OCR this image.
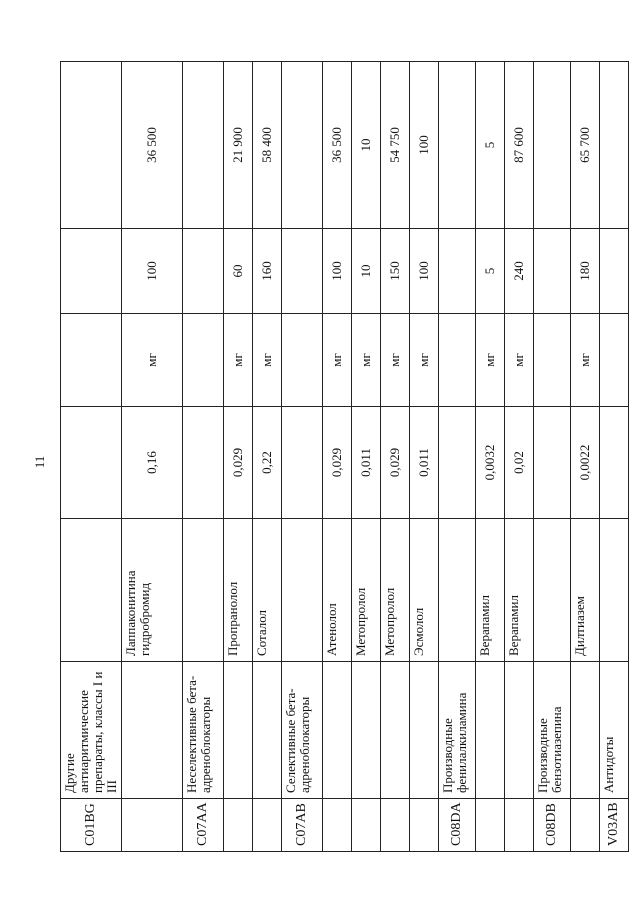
11
C01BG	Другие антиаритмические препараты, классы I и III					
		Лаппаконитина гидробромид	0,16	мг	100	36 500
C07AA	Неселективные бета-адреноблокаторы					
		Пропранолол	0,029	мг	60	21 900
		Соталол	0,22	мг	160	58 400
C07AB	Селективные бета-адреноблокаторы					
		Атенолол	0,029	мг	100	36 500
		Метопролол	0,011	мг	10	10
		Метопролол	0,029	мг	150	54 750
		Эсмолол	0,011	мг	100	100
C08DA	Производные фенилалкиламина					
		Верапамил	0,0032	мг	5	5
		Верапамил	0,02	мг	240	87 600
C08DB	Производные бензотиазепина					
		Дилтиазем	0,0022	мг	180	65 700
V03AB	Антидоты					
